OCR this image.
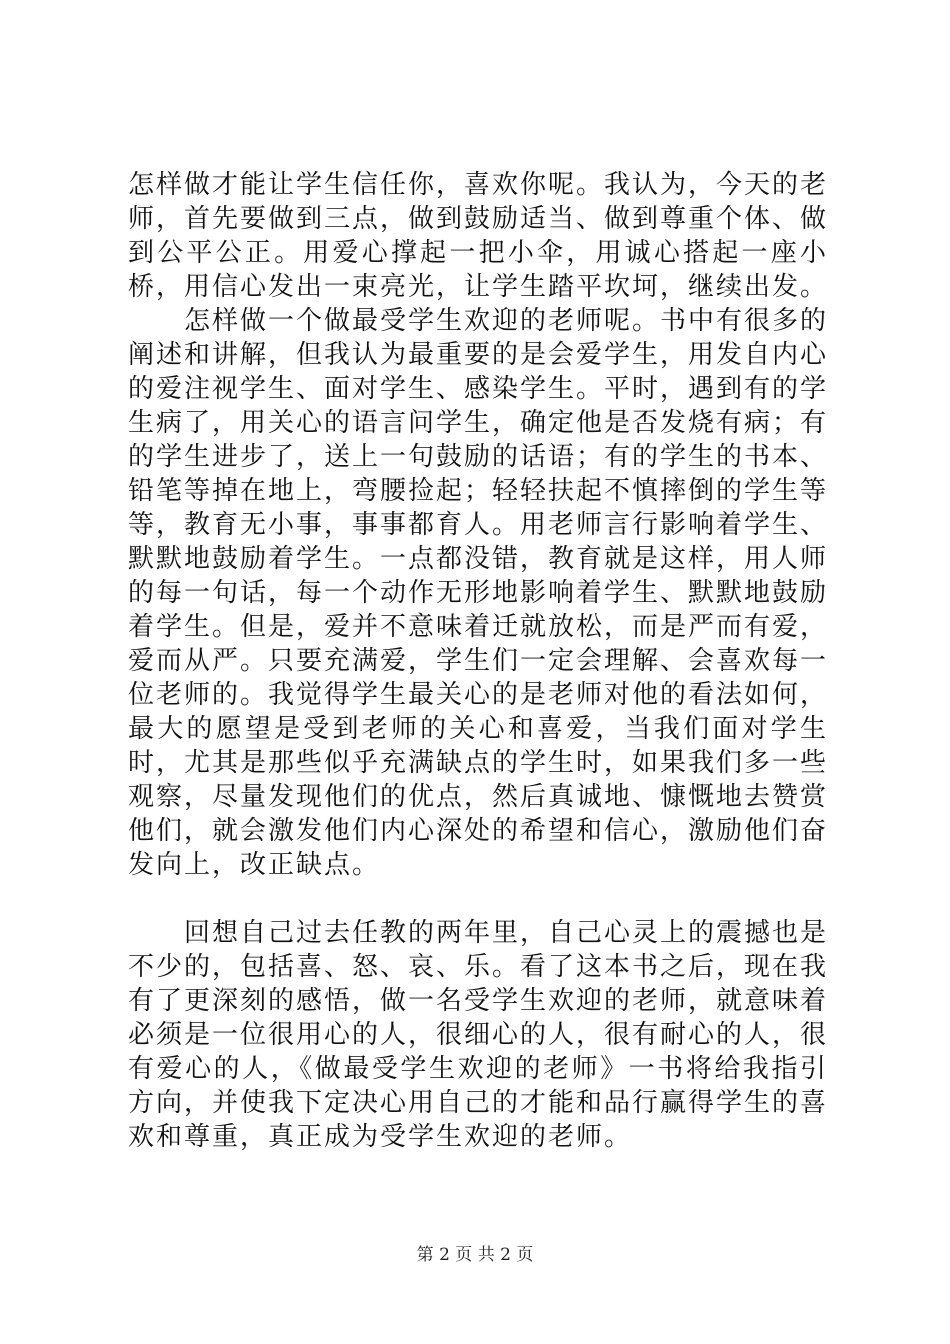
怎样做才能让学生信任你，喜欢你呢。我认为，今天的老师，首先要做到三点，做到鼓励适当、做到尊重个体、做到公平公正。用爱心撑起一把小伞，用诚心搭起一座小桥，用信心发出一束亮光，让学生踏平坎坷，继续出发。

怎样做一个做最受学生欢迎的老师呢。书中有很多的阐述和讲解，但我认为最重要的是会爱学生，用发自内心的爱注视学生、面对学生、感染学生。平时，遇到有的学生病了，用关心的语言问学生，确定他是否发烧有病；有的学生进步了，送上一句鼓励的话语；有的学生的书本、铅笔等掉在地上，弯腰捡起；轻轻扶起不慎摔倒的学生等等，教育无小事，事事都育人。用老师言行影响着学生、默默地鼓励着学生。一点都没错，教育就是这样，用人师的每一句话，每一个动作无形地影响着学生、默默地鼓励着学生。但是，爱并不意味着迁就放松，而是严而有爱，爱而从严。只要充满爱，学生们一定会理解、会喜欢每一位老师的。我觉得学生最关心的是老师对他的看法如何，最大的愿望是受到老师的关心和喜爱，当我们面对学生时，尤其是那些似乎充满缺点的学生时，如果我们多一些观察，尽量发现他们的优点，然后真诚地、慷慨地去赞赏他们，就会激发他们内心深处的希望和信心，激励他们奋发向上，改正缺点。

回想自己过去任教的两年里，自己心灵上的震撼也是不少的，包括喜、怒、哀、乐。看了这本书之后，现在我有了更深刻的感悟，做一名受学生欢迎的老师，就意味着必须是一位很用心的人，很细心的人，很有耐心的人，很有爱心的人，《做最受学生欢迎的老师》一书将给我指引方向，并使我下定决心用自己的才能和品行赢得学生的喜欢和尊重，真正成为受学生欢迎的老师。

第 2 页 共 2 页
